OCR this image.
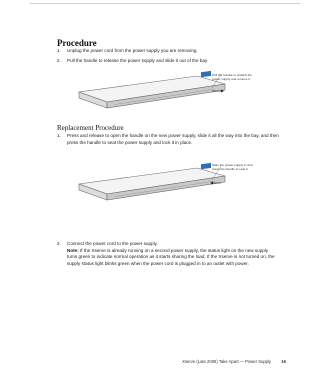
Procedure
1. Unplug the power cord from the power supply you are removing.
2. Pull the handle to release the power supply and slide it out of the bay.
Pull the handle to unlatch the power supply and remove it.
Replacement Procedure
1. Press and release to open the handle on the new power supply, slide it all the way into the bay, and then press the handle to seat the power supply and lock it in place.
Slide the power supply in and press the handle to seat it.
2. Connect the power cord to the power supply.
Note: If the Xserve is already running on a second power supply, the status light on the new supply turns green to indicate normal operation as it starts sharing the load. If the Xserve is not turned on, the supply status light blinks green when the power cord is plugged in to an outlet with power.
Xserve (Late 2006) Take Apart — Power Supply 16
